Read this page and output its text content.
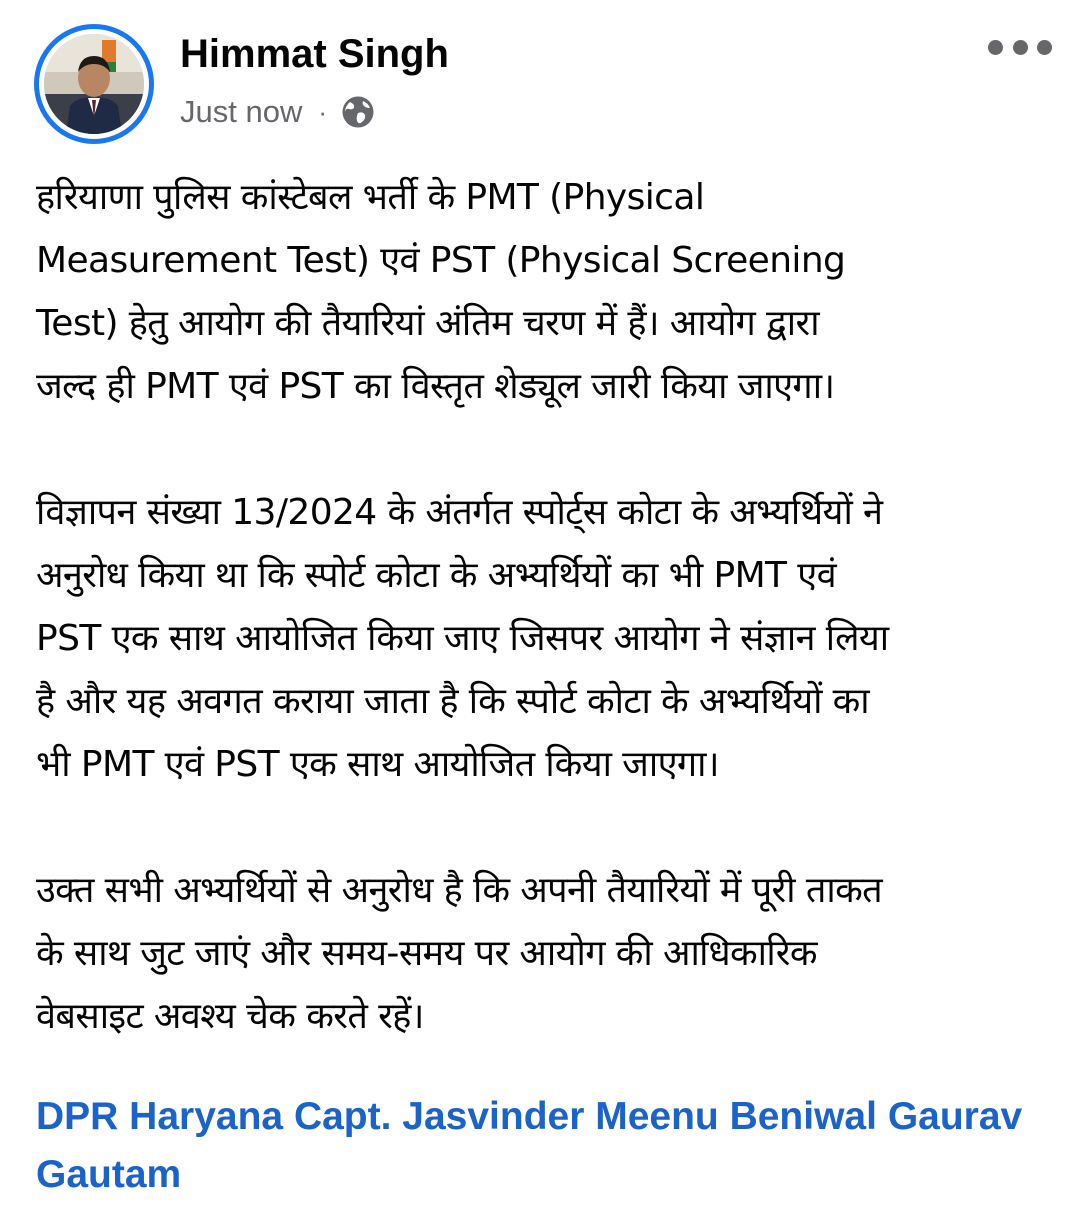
Himmat Singh
Just now ·

हरियाणा पुलिस कांस्टेबल भर्ती के PMT (Physical
Measurement Test) एवं PST (Physical Screening
Test) हेतु आयोग की तैयारियां अंतिम चरण में हैं। आयोग द्वारा
जल्द ही PMT एवं PST का विस्तृत शेड्यूल जारी किया जाएगा।

विज्ञापन संख्या 13/2024 के अंतर्गत स्पोर्ट्स कोटा के अभ्यर्थियों ने
अनुरोध किया था कि स्पोर्ट कोटा के अभ्यर्थियों का भी PMT एवं
PST एक साथ आयोजित किया जाए जिसपर आयोग ने संज्ञान लिया
है और यह अवगत कराया जाता है कि स्पोर्ट कोटा के अभ्यर्थियों का
भी PMT एवं PST एक साथ आयोजित किया जाएगा।

उक्त सभी अभ्यर्थियों से अनुरोध है कि अपनी तैयारियों में पूरी ताकत
के साथ जुट जाएं और समय-समय पर आयोग की आधिकारिक
वेबसाइट अवश्य चेक करते रहें।

DPR Haryana Capt. Jasvinder Meenu Beniwal Gaurav Gautam
